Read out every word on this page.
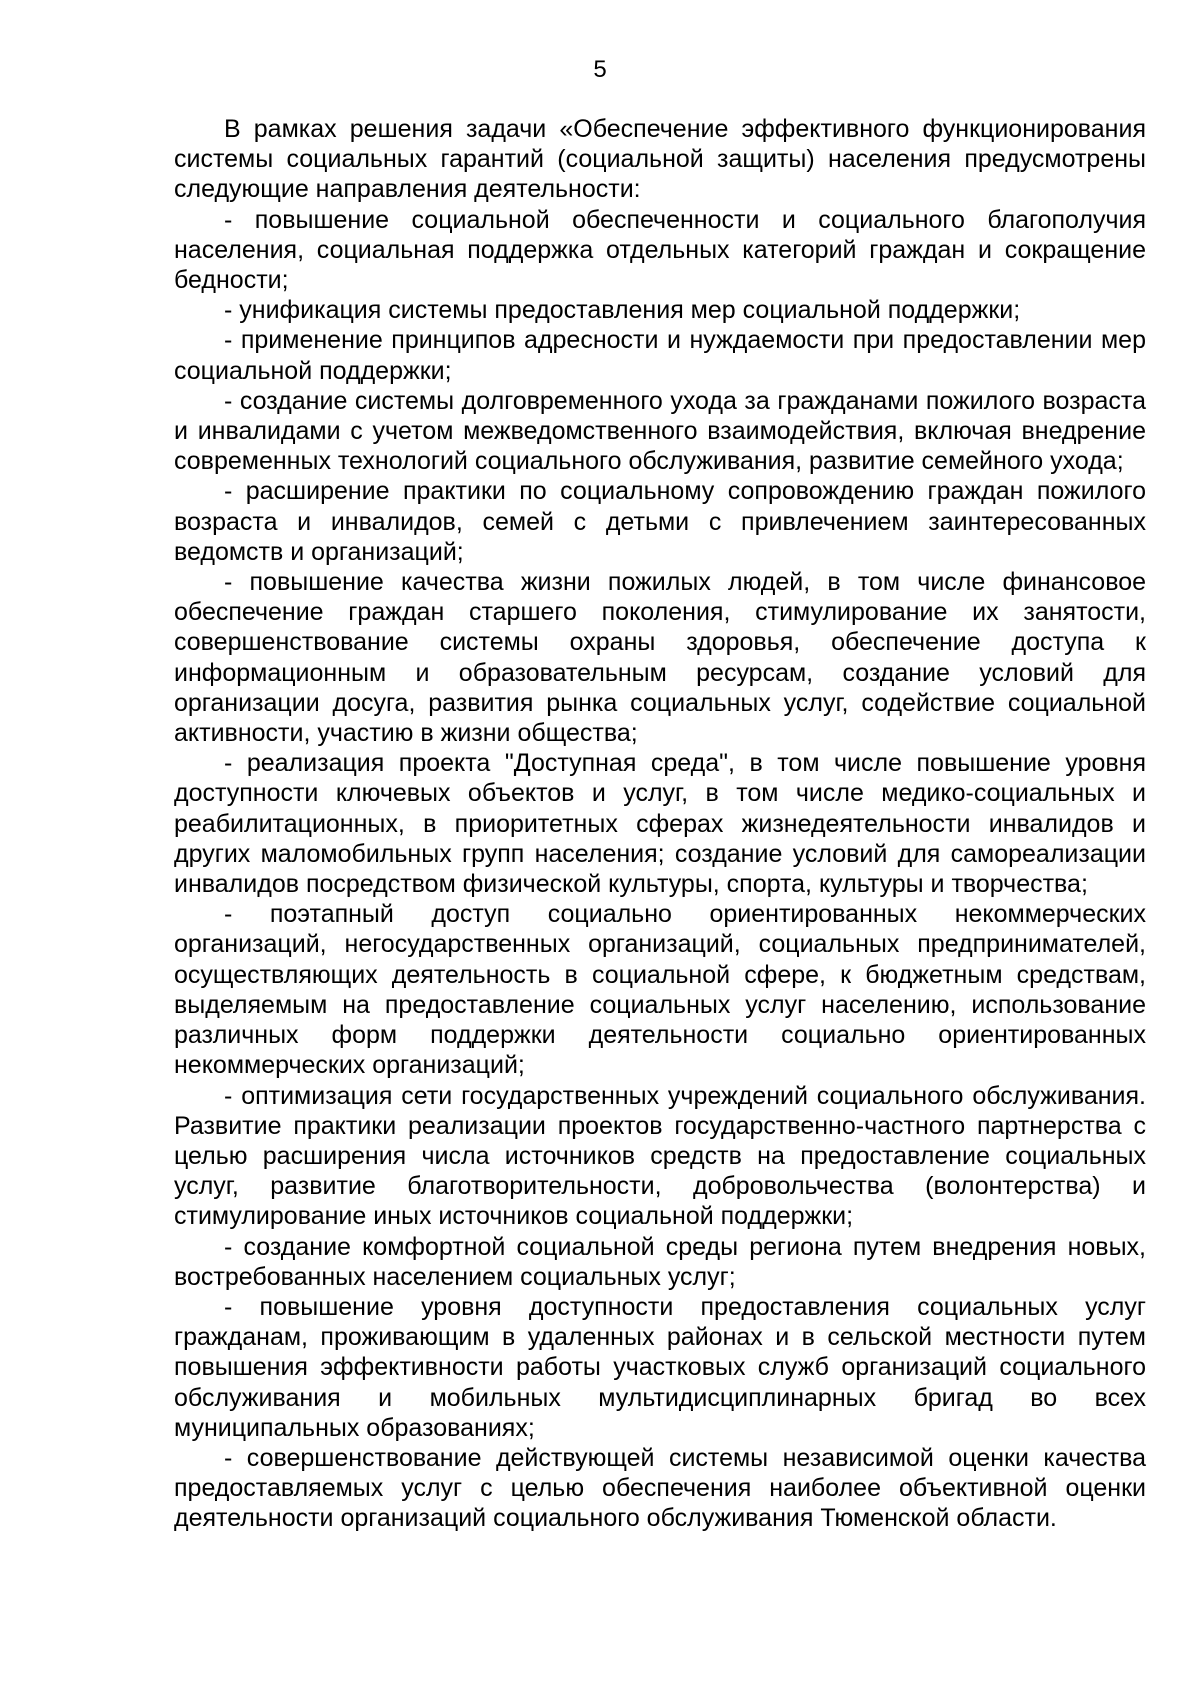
5

В рамках решения задачи «Обеспечение эффективного функционирования системы социальных гарантий (социальной защиты) населения предусмотрены следующие направления деятельности:

- повышение социальной обеспеченности и социального благополучия населения, социальная поддержка отдельных категорий граждан и сокращение бедности;

- унификация системы предоставления мер социальной поддержки;

- применение принципов адресности и нуждаемости при предоставлении мер социальной поддержки;

- создание системы долговременного ухода за гражданами пожилого возраста и инвалидами с учетом межведомственного взаимодействия, включая внедрение современных технологий социального обслуживания, развитие семейного ухода;

- расширение практики по социальному сопровождению граждан пожилого возраста и инвалидов, семей с детьми с привлечением заинтересованных ведомств и организаций;

- повышение качества жизни пожилых людей, в том числе финансовое обеспечение граждан старшего поколения, стимулирование их занятости, совершенствование системы охраны здоровья, обеспечение доступа к информационным и образовательным ресурсам, создание условий для организации досуга, развития рынка социальных услуг, содействие социальной активности, участию в жизни общества;

- реализация проекта "Доступная среда", в том числе повышение уровня доступности ключевых объектов и услуг, в том числе медико-социальных и реабилитационных, в приоритетных сферах жизнедеятельности инвалидов и других маломобильных групп населения; создание условий для самореализации инвалидов посредством физической культуры, спорта, культуры и творчества;

- поэтапный доступ социально ориентированных некоммерческих организаций, негосударственных организаций, социальных предпринимателей, осуществляющих деятельность в социальной сфере, к бюджетным средствам, выделяемым на предоставление социальных услуг населению, использование различных форм поддержки деятельности социально ориентированных некоммерческих организаций;

- оптимизация сети государственных учреждений социального обслуживания. Развитие практики реализации проектов государственно-частного партнерства с целью расширения числа источников средств на предоставление социальных услуг, развитие благотворительности, добровольчества (волонтерства) и стимулирование иных источников социальной поддержки;

- создание комфортной социальной среды региона путем внедрения новых, востребованных населением социальных услуг;

- повышение уровня доступности предоставления социальных услуг гражданам, проживающим в удаленных районах и в сельской местности путем повышения эффективности работы участковых служб организаций социального обслуживания и мобильных мультидисциплинарных бригад во всех муниципальных образованиях;

- совершенствование действующей системы независимой оценки качества предоставляемых услуг с целью обеспечения наиболее объективной оценки деятельности организаций социального обслуживания Тюменской области.
